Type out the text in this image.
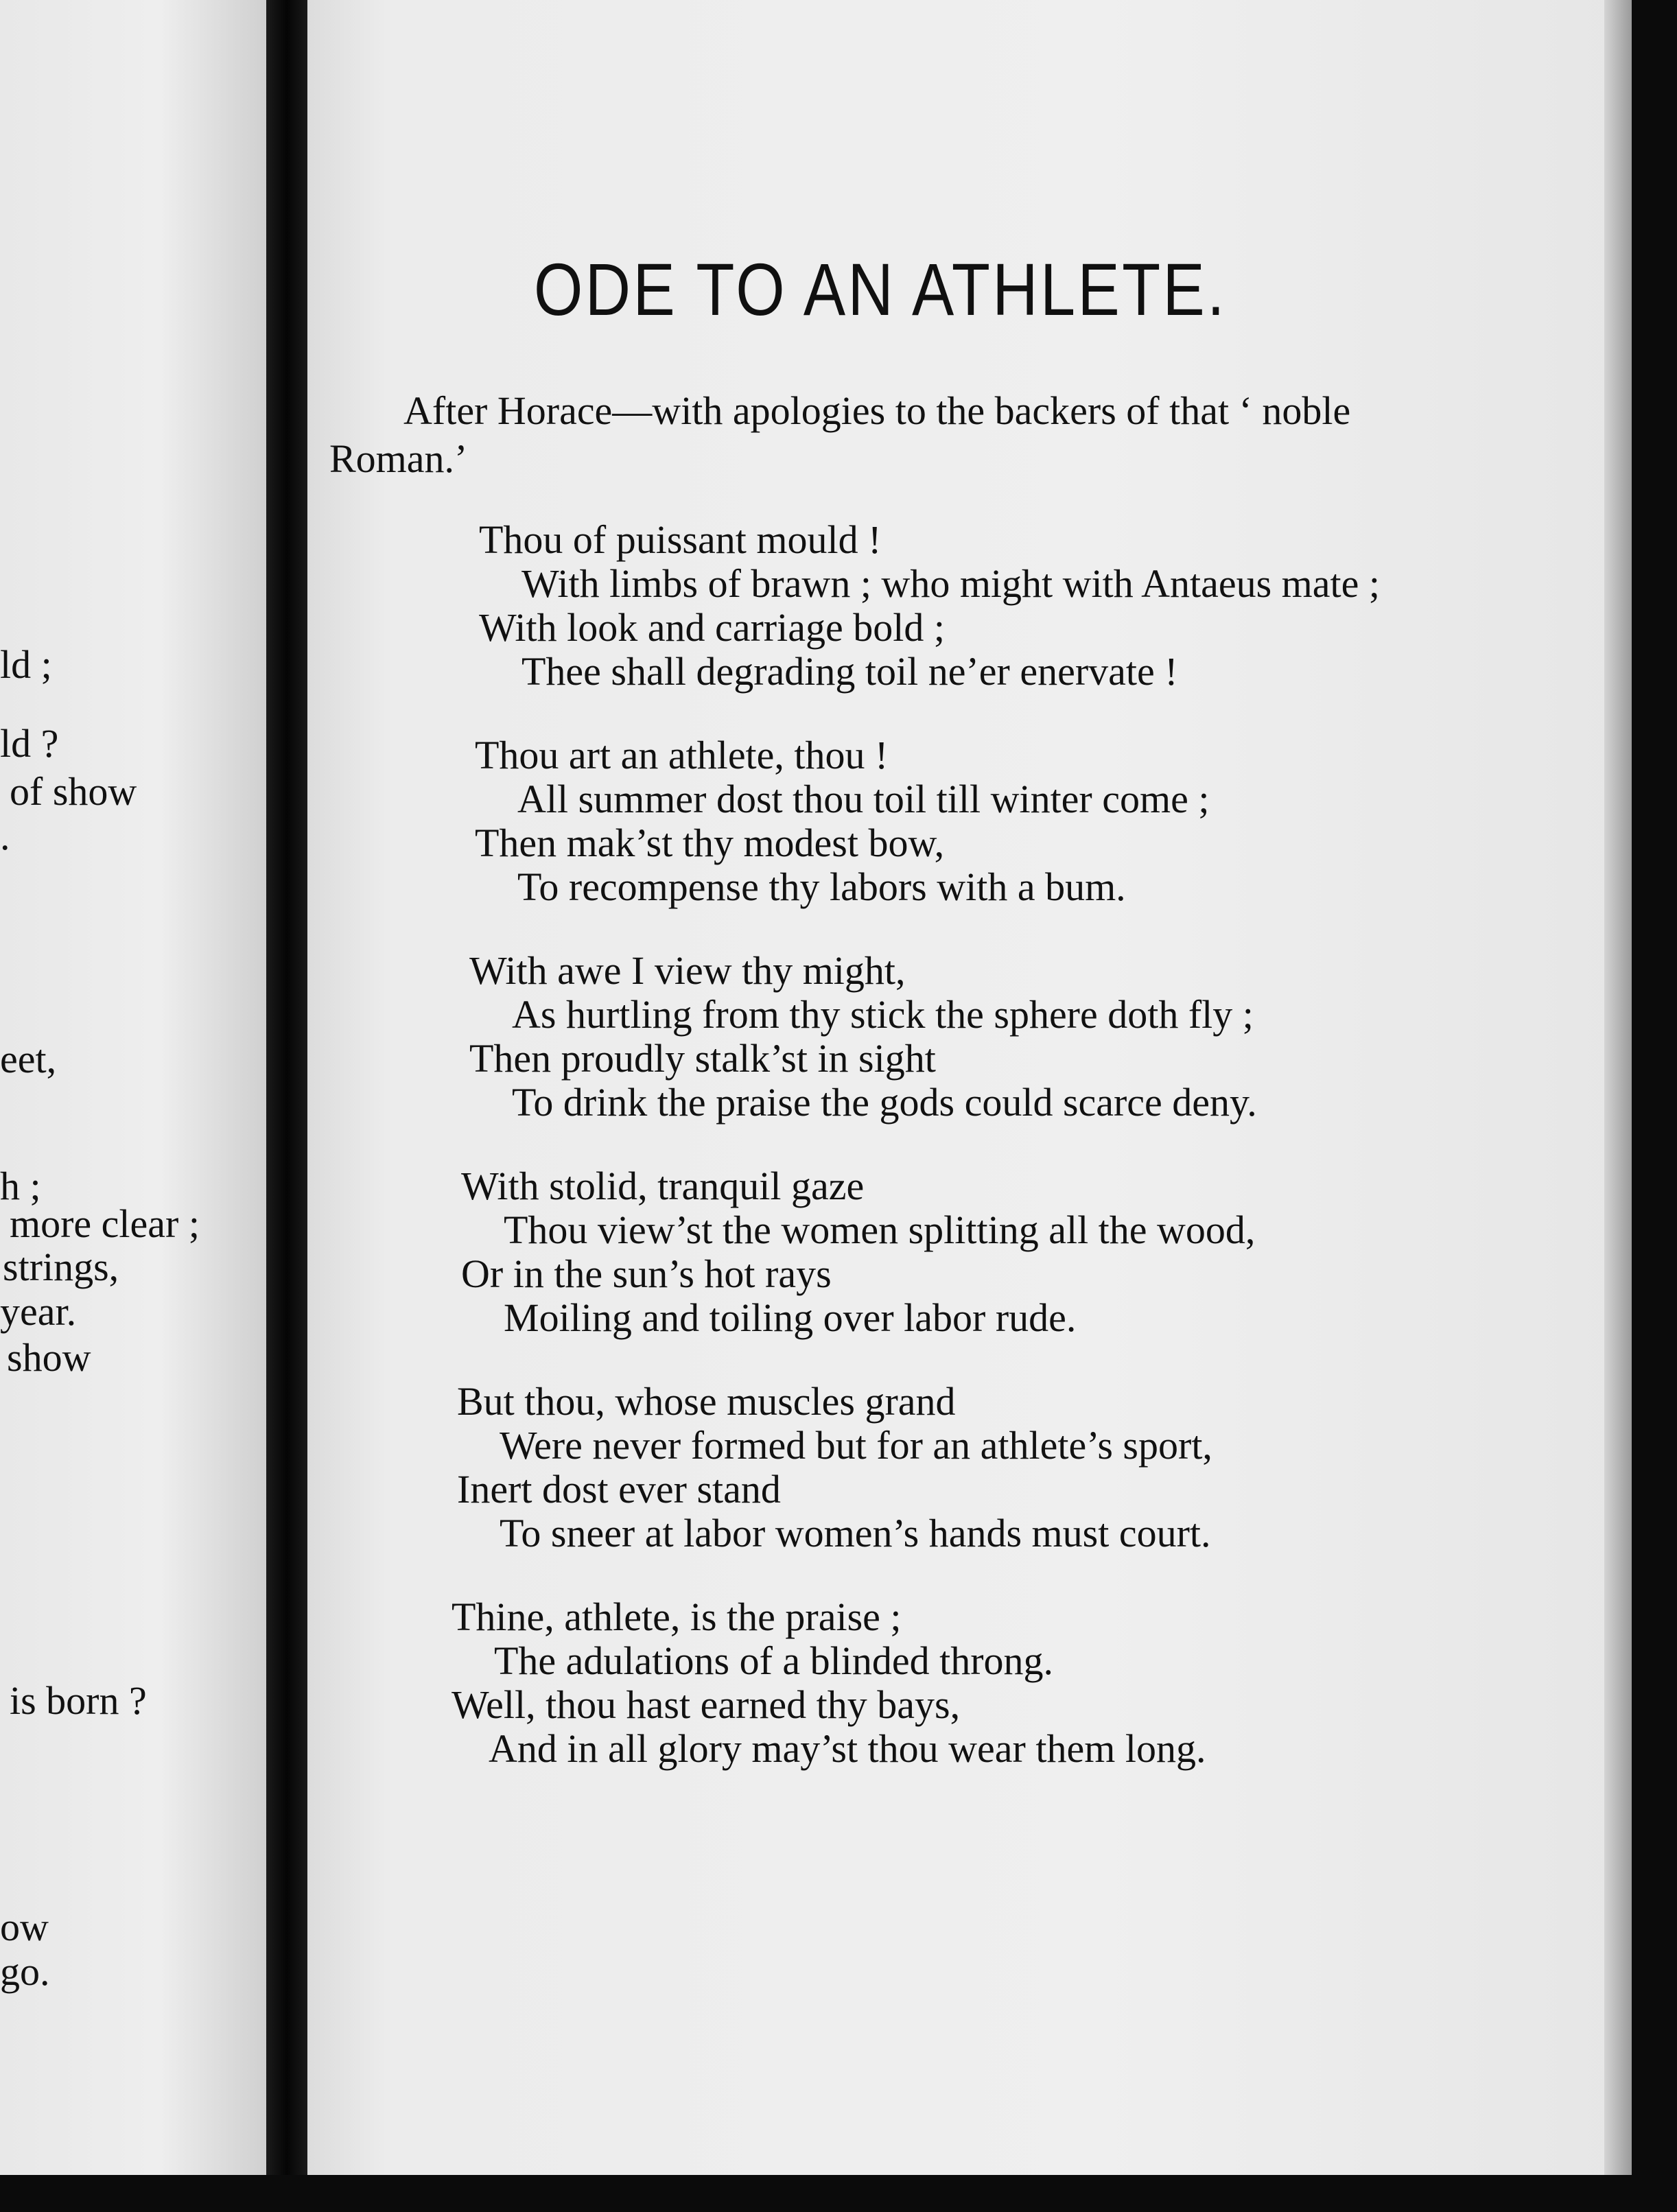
ld ;
ld ?
of show
.
eet,
h ;
more clear ;
strings,
year.
show
is born ?
ow
go.
ODE TO AN ATHLETE.
After Horace—with apologies to the backers of that ‘ noble
Roman.’
Thou of puissant mould !
With limbs of brawn ; who might with Antaeus mate ;
With look and carriage bold ;
Thee shall degrading toil ne’er enervate !
Thou art an athlete, thou !
All summer dost thou toil till winter come ;
Then mak’st thy modest bow,
To recompense thy labors with a bum.
With awe I view thy might,
As hurtling from thy stick the sphere doth fly ;
Then proudly stalk’st in sight
To drink the praise the gods could scarce deny.
With stolid, tranquil gaze
Thou view’st the women splitting all the wood,
Or in the sun’s hot rays
Moiling and toiling over labor rude.
But thou, whose muscles grand
Were never formed but for an athlete’s sport,
Inert dost ever stand
To sneer at labor women’s hands must court.
Thine, athlete, is the praise ;
The adulations of a blinded throng.
Well, thou hast earned thy bays,
And in all glory may’st thou wear them long.
